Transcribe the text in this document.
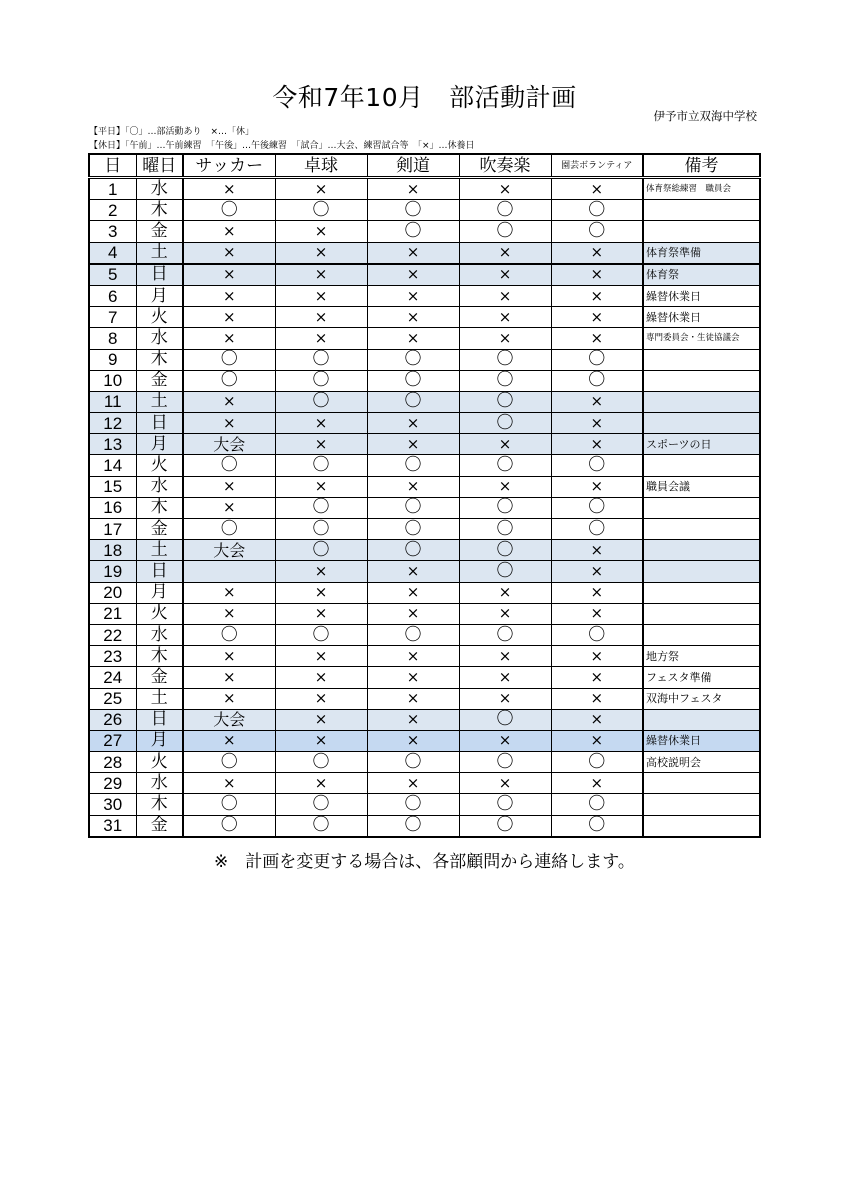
令和7年10月　部活動計画
伊予市立双海中学校
【平日】「〇」…部活動あり　×…「休」
【休日】「午前」…午前練習　「午後」…午後練習　「試合」…大会、練習試合等　「×」…休養日
日	曜日	サッカー	卓球	剣道	吹奏楽	園芸ボランティア	備考
1	水	×	×	×	×	×	体育祭総練習　職員会
2	木	〇	〇	〇	〇	〇	
3	金	×	×	〇	〇	〇	
4	土	×	×	×	×	×	体育祭準備
5	日	×	×	×	×	×	体育祭
6	月	×	×	×	×	×	繰替休業日
7	火	×	×	×	×	×	繰替休業日
8	水	×	×	×	×	×	専門委員会・生徒協議会
9	木	〇	〇	〇	〇	〇	
10	金	〇	〇	〇	〇	〇	
11	土	×	〇	〇	〇	×	
12	日	×	×	×	〇	×	
13	月	大会	×	×	×	×	スポーツの日
14	火	〇	〇	〇	〇	〇	
15	水	×	×	×	×	×	職員会議
16	木	×	〇	〇	〇	〇	
17	金	〇	〇	〇	〇	〇	
18	土	大会	〇	〇	〇	×	
19	日		×	×	〇	×	
20	月	×	×	×	×	×	
21	火	×	×	×	×	×	
22	水	〇	〇	〇	〇	〇	
23	木	×	×	×	×	×	地方祭
24	金	×	×	×	×	×	フェスタ準備
25	土	×	×	×	×	×	双海中フェスタ
26	日	大会	×	×	〇	×	
27	月	×	×	×	×	×	繰替休業日
28	火	〇	〇	〇	〇	〇	高校説明会
29	水	×	×	×	×	×	
30	木	〇	〇	〇	〇	〇	
31	金	〇	〇	〇	〇	〇	
※　計画を変更する場合は、各部顧問から連絡します。
